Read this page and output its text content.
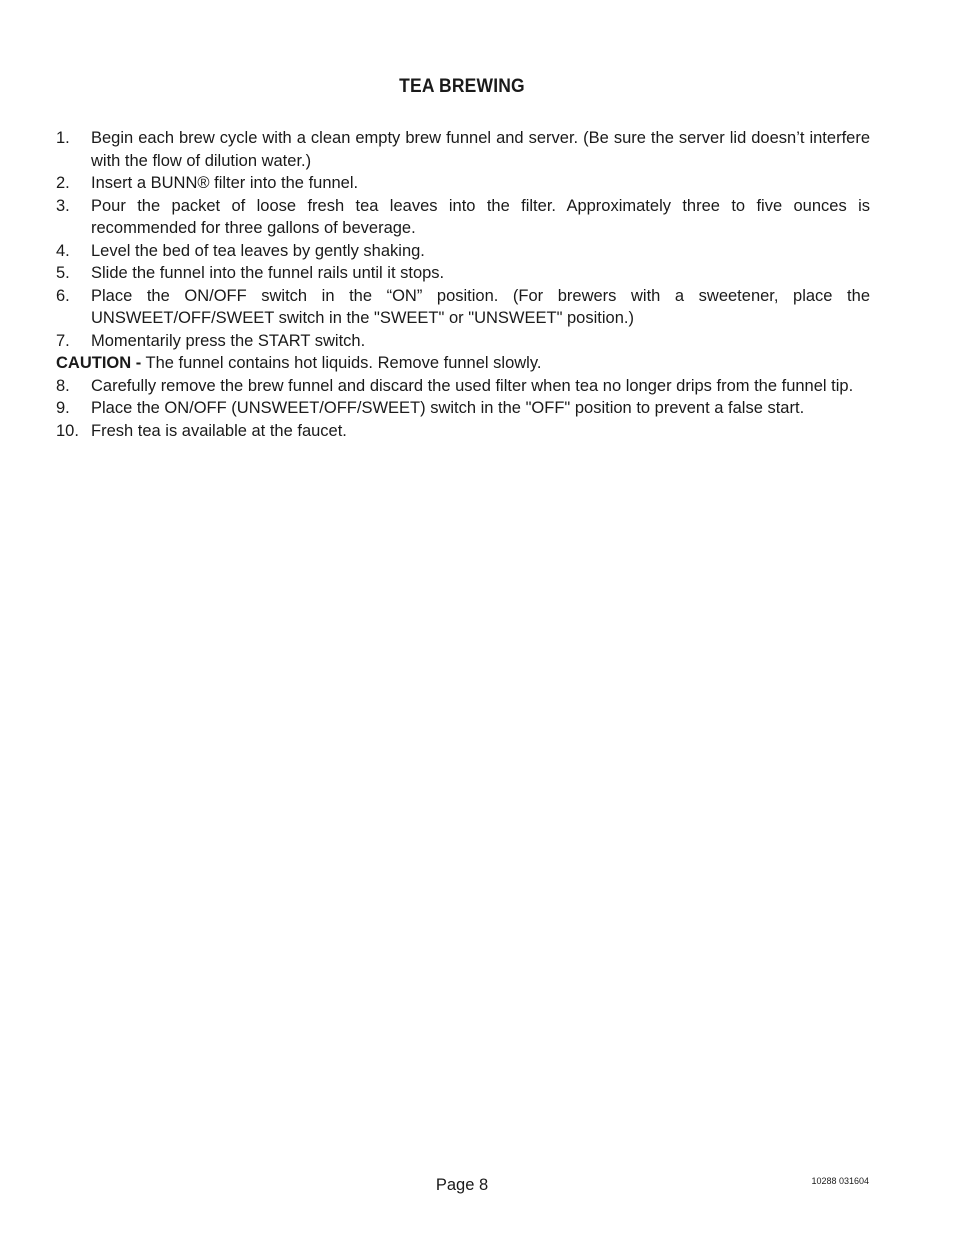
TEA BREWING
1.	Begin each brew cycle with a clean empty brew funnel and server. (Be sure the server lid doesn’t interfere with the flow of dilution water.)
2.	Insert a BUNN® filter into the funnel.
3.	Pour the packet of loose fresh tea leaves into the filter. Approximately three to five ounces is recommended for three gallons of beverage.
4.	Level the bed of tea leaves by gently shaking.
5.	Slide the funnel into the funnel rails until it stops.
6.	Place the ON/OFF switch in the “ON” position. (For brewers with a sweetener, place the UNSWEET/OFF/SWEET switch in the "SWEET" or "UNSWEET" position.)
7.	Momentarily press the START switch.
CAUTION - The funnel contains hot liquids. Remove funnel slowly.
8.	Carefully remove the brew funnel and discard the used filter when tea no longer drips from the funnel tip.
9.	Place the ON/OFF (UNSWEET/OFF/SWEET) switch in the "OFF" position to prevent a false start.
10. Fresh tea is available at the faucet.
Page 8	10288 031604
